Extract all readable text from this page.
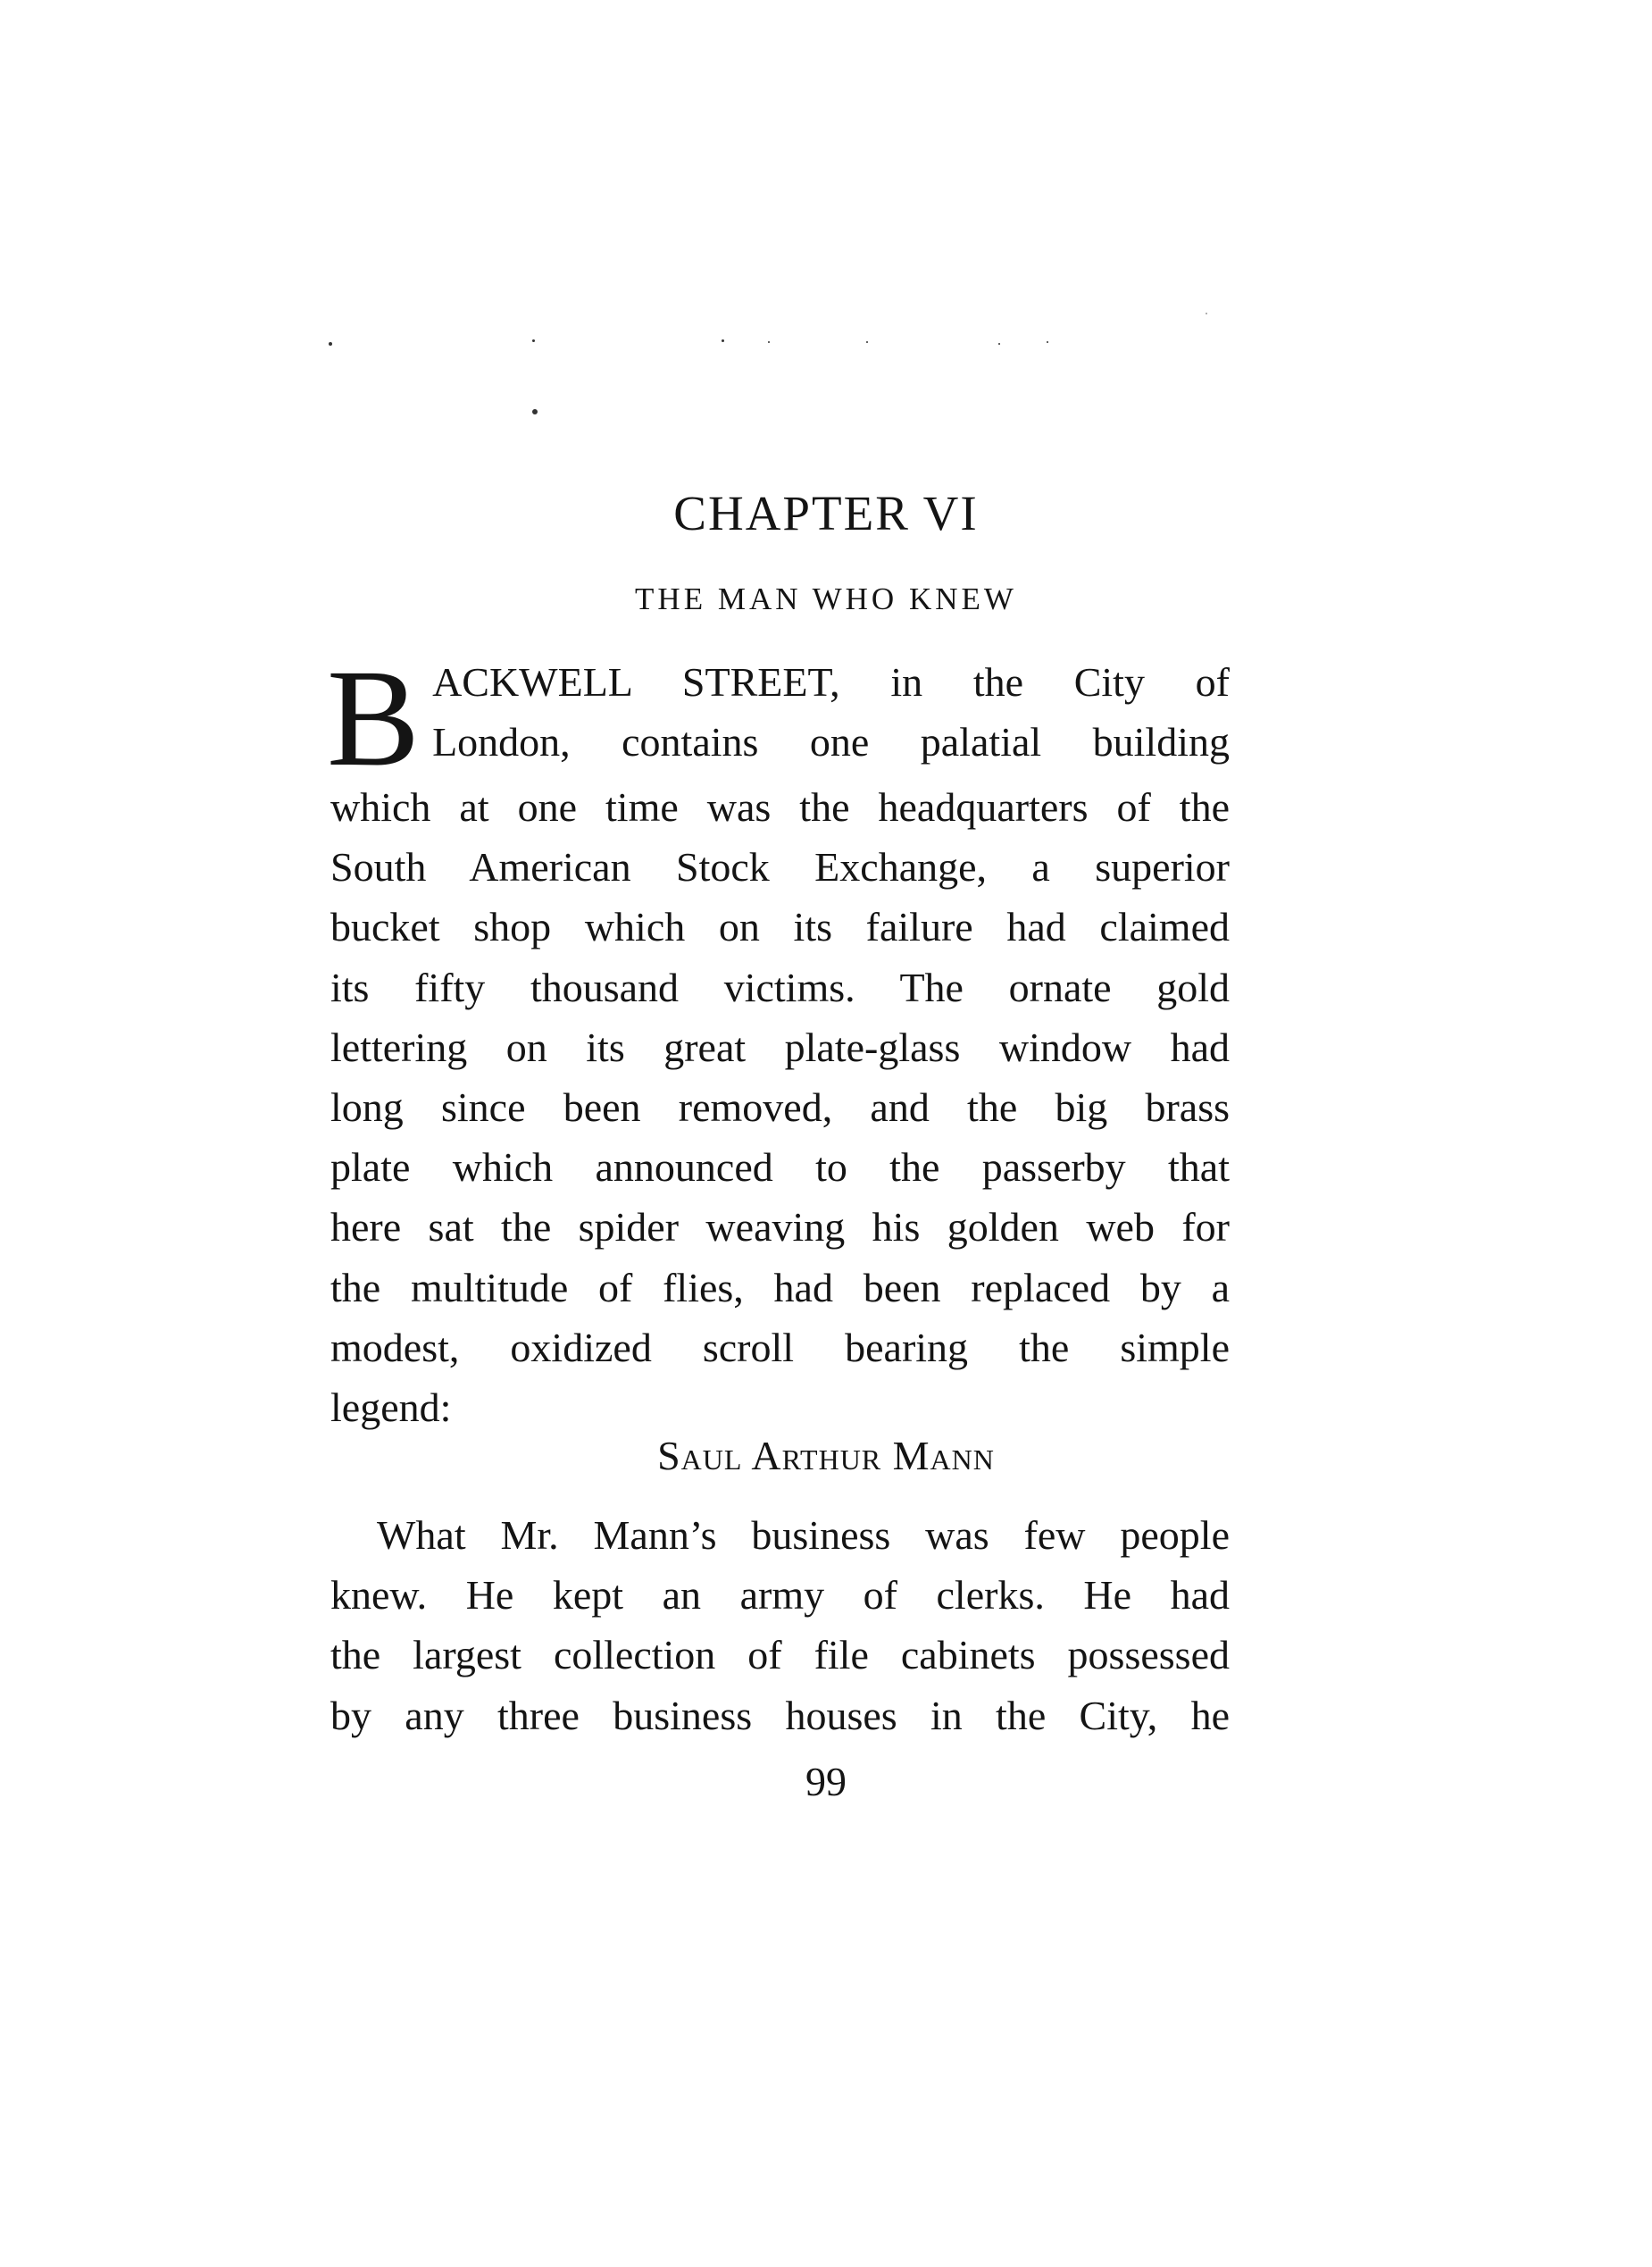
CHAPTER VI
THE MAN WHO KNEW
B ACKWELL STREET, in the City of
London, contains one palatial building
which at one time was the headquarters of the
South American Stock Exchange, a superior
bucket shop which on its failure had claimed
its fifty thousand victims. The ornate gold
lettering on its great plate-glass window had
long since been removed, and the big brass
plate which announced to the passerby that
here sat the spider weaving his golden web for
the multitude of flies, had been replaced by a
modest, oxidized scroll bearing the simple
legend:
Saul Arthur Mann
What Mr. Mann’s business was few people
knew. He kept an army of clerks. He had
the largest collection of file cabinets possessed
by any three business houses in the City, he
99
